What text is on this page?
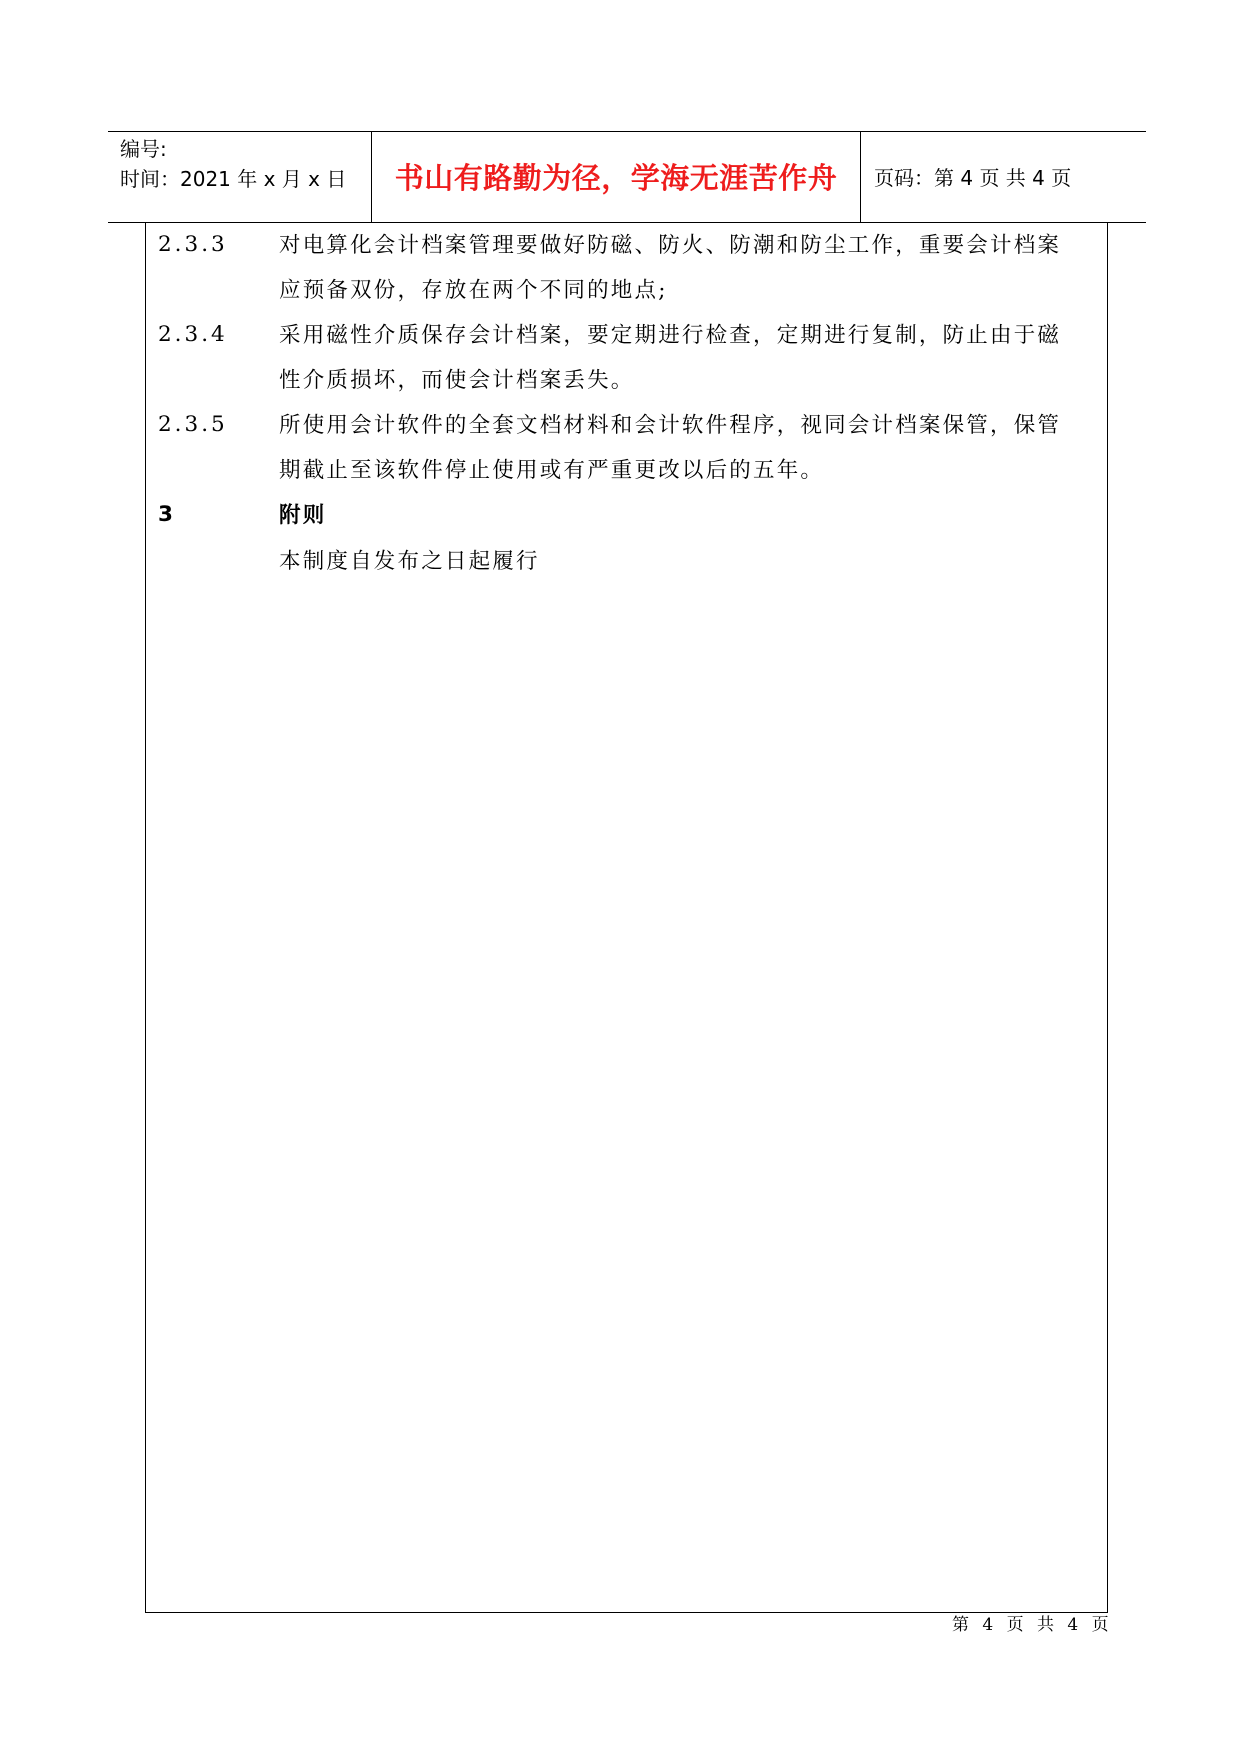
编号:
时间：2021 年 x 月 x 日	书山有路勤为径，学海无涯苦作舟	页码：第 4 页 共 4 页
2.3.3 对电算化会计档案管理要做好防磁、防火、防潮和防尘工作，重要会计档案
应预备双份，存放在两个不同的地点;
2.3.4 采用磁性介质保存会计档案，要定期进行检查，定期进行复制，防止由于磁
性介质损坏，而使会计档案丢失。
2.3.5 所使用会计软件的全套文档材料和会计软件程序，视同会计档案保管，保管
期截止至该软件停止使用或有严重更改以后的五年。
3	附则
本制度自发布之日起履行
第 4 页 共 4 页
